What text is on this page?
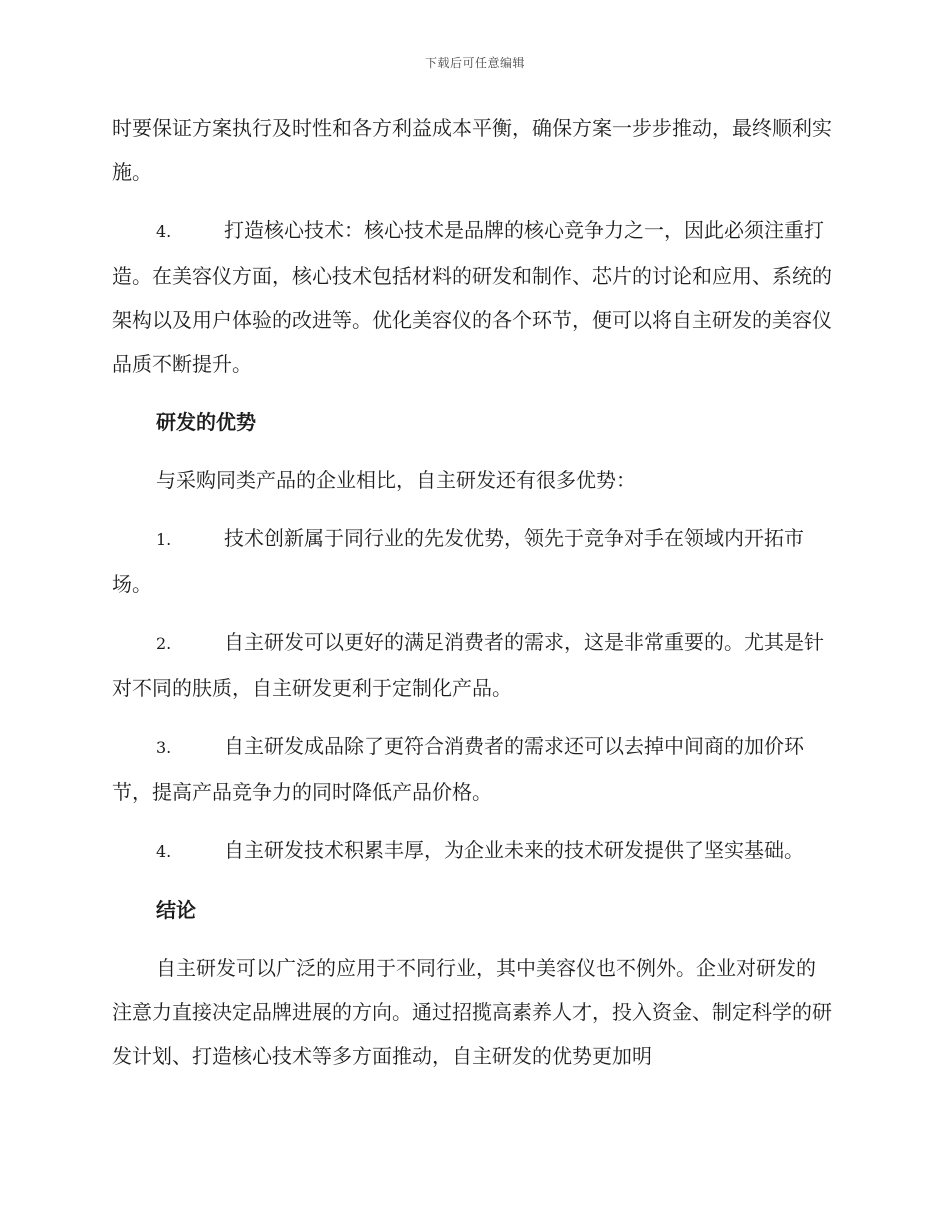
下载后可任意编辑

时要保证方案执行及时性和各方利益成本平衡，确保方案一步步推动，最终顺利实施。

4.	打造核心技术：核心技术是品牌的核心竞争力之一，因此必须注重打造。在美容仪方面，核心技术包括材料的研发和制作、芯片的讨论和应用、系统的架构以及用户体验的改进等。优化美容仪的各个环节，便可以将自主研发的美容仪品质不断提升。

研发的优势

与采购同类产品的企业相比，自主研发还有很多优势：

1.	技术创新属于同行业的先发优势，领先于竞争对手在领域内开拓市场。

2.	自主研发可以更好的满足消费者的需求，这是非常重要的。尤其是针对不同的肤质，自主研发更利于定制化产品。

3.	自主研发成品除了更符合消费者的需求还可以去掉中间商的加价环节，提高产品竞争力的同时降低产品价格。

4.	自主研发技术积累丰厚，为企业未来的技术研发提供了坚实基础。

结论

自主研发可以广泛的应用于不同行业，其中美容仪也不例外。企业对研发的注意力直接决定品牌进展的方向。通过招揽高素养人才，投入资金、制定科学的研发计划、打造核心技术等多方面推动，自主研发的优势更加明
